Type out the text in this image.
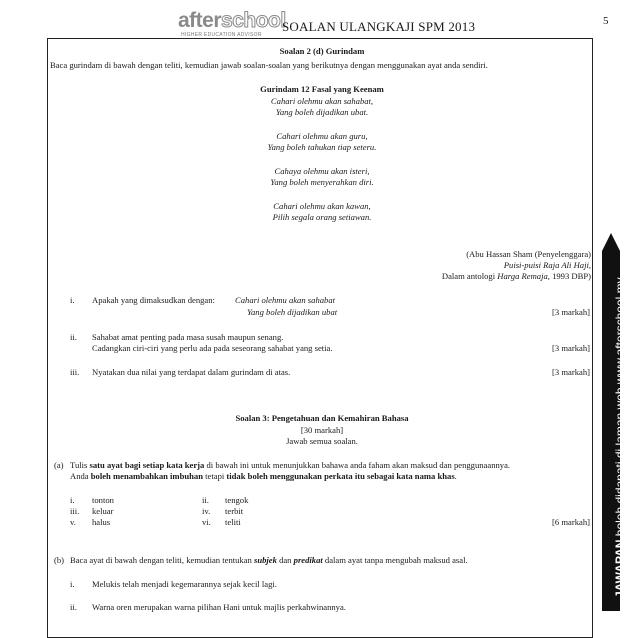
afterschool
HIGHER EDUCATION ADVISOR
SOALAN ULANGKAJI SPM 2013	5
Soalan 2 (d) Gurindam
Baca gurindam di bawah dengan teliti, kemudian jawab soalan-soalan yang berikutnya dengan menggunakan ayat anda sendiri.
Gurindam 12 Fasal yang Keenam
Cahari olehmu akan sahabat,
Yang boleh dijadikan ubat.
Cahari olehmu akan guru,
Yang boleh tahukan tiap seteru.
Cahaya olehmu akan isteri,
Yang boleh menyerahkan diri.
Cahari olehmu akan kawan,
Pilih segala orang setiawan.
(Abu Hassan Sham (Penyelenggara)
Puisi-puisi Raja Ali Haji,
Dalam antologi Harga Remaja, 1993 DBP)
i. Apakah yang dimaksudkan dengan: Cahari olehmu akan sahabat
Yang boleh dijadikan ubat	[3 markah]
ii. Sahabat amat penting pada masa susah maupun senang.
Cadangkan ciri-ciri yang perlu ada pada seseorang sahabat yang setia.	[3 markah]
iii. Nyatakan dua nilai yang terdapat dalam gurindam di atas.	[3 markah]
Soalan 3: Pengetahuan dan Kemahiran Bahasa
[30 markah]
Jawab semua soalan.
(a) Tulis satu ayat bagi setiap kata kerja di bawah ini untuk menunjukkan bahawa anda faham akan maksud dan penggunaannya.
Anda boleh menambahkan imbuhan tetapi tidak boleh menggunakan perkata itu sebagai kata nama khas.
i. tonton	ii. tengok
iii. keluar	iv. terbit
v. halus	vi. teliti	[6 markah]
(b) Baca ayat di bawah dengan teliti, kemudian tentukan subjek dan predikat dalam ayat tanpa mengubah maksud asal.
i. Melukis telah menjadi kegemarannya sejak kecil lagi.
ii. Warna oren merupakan warna pilihan Hani untuk majlis perkahwinannya.
JAWAPAN boleh didapati di laman web www.afterschool.my
